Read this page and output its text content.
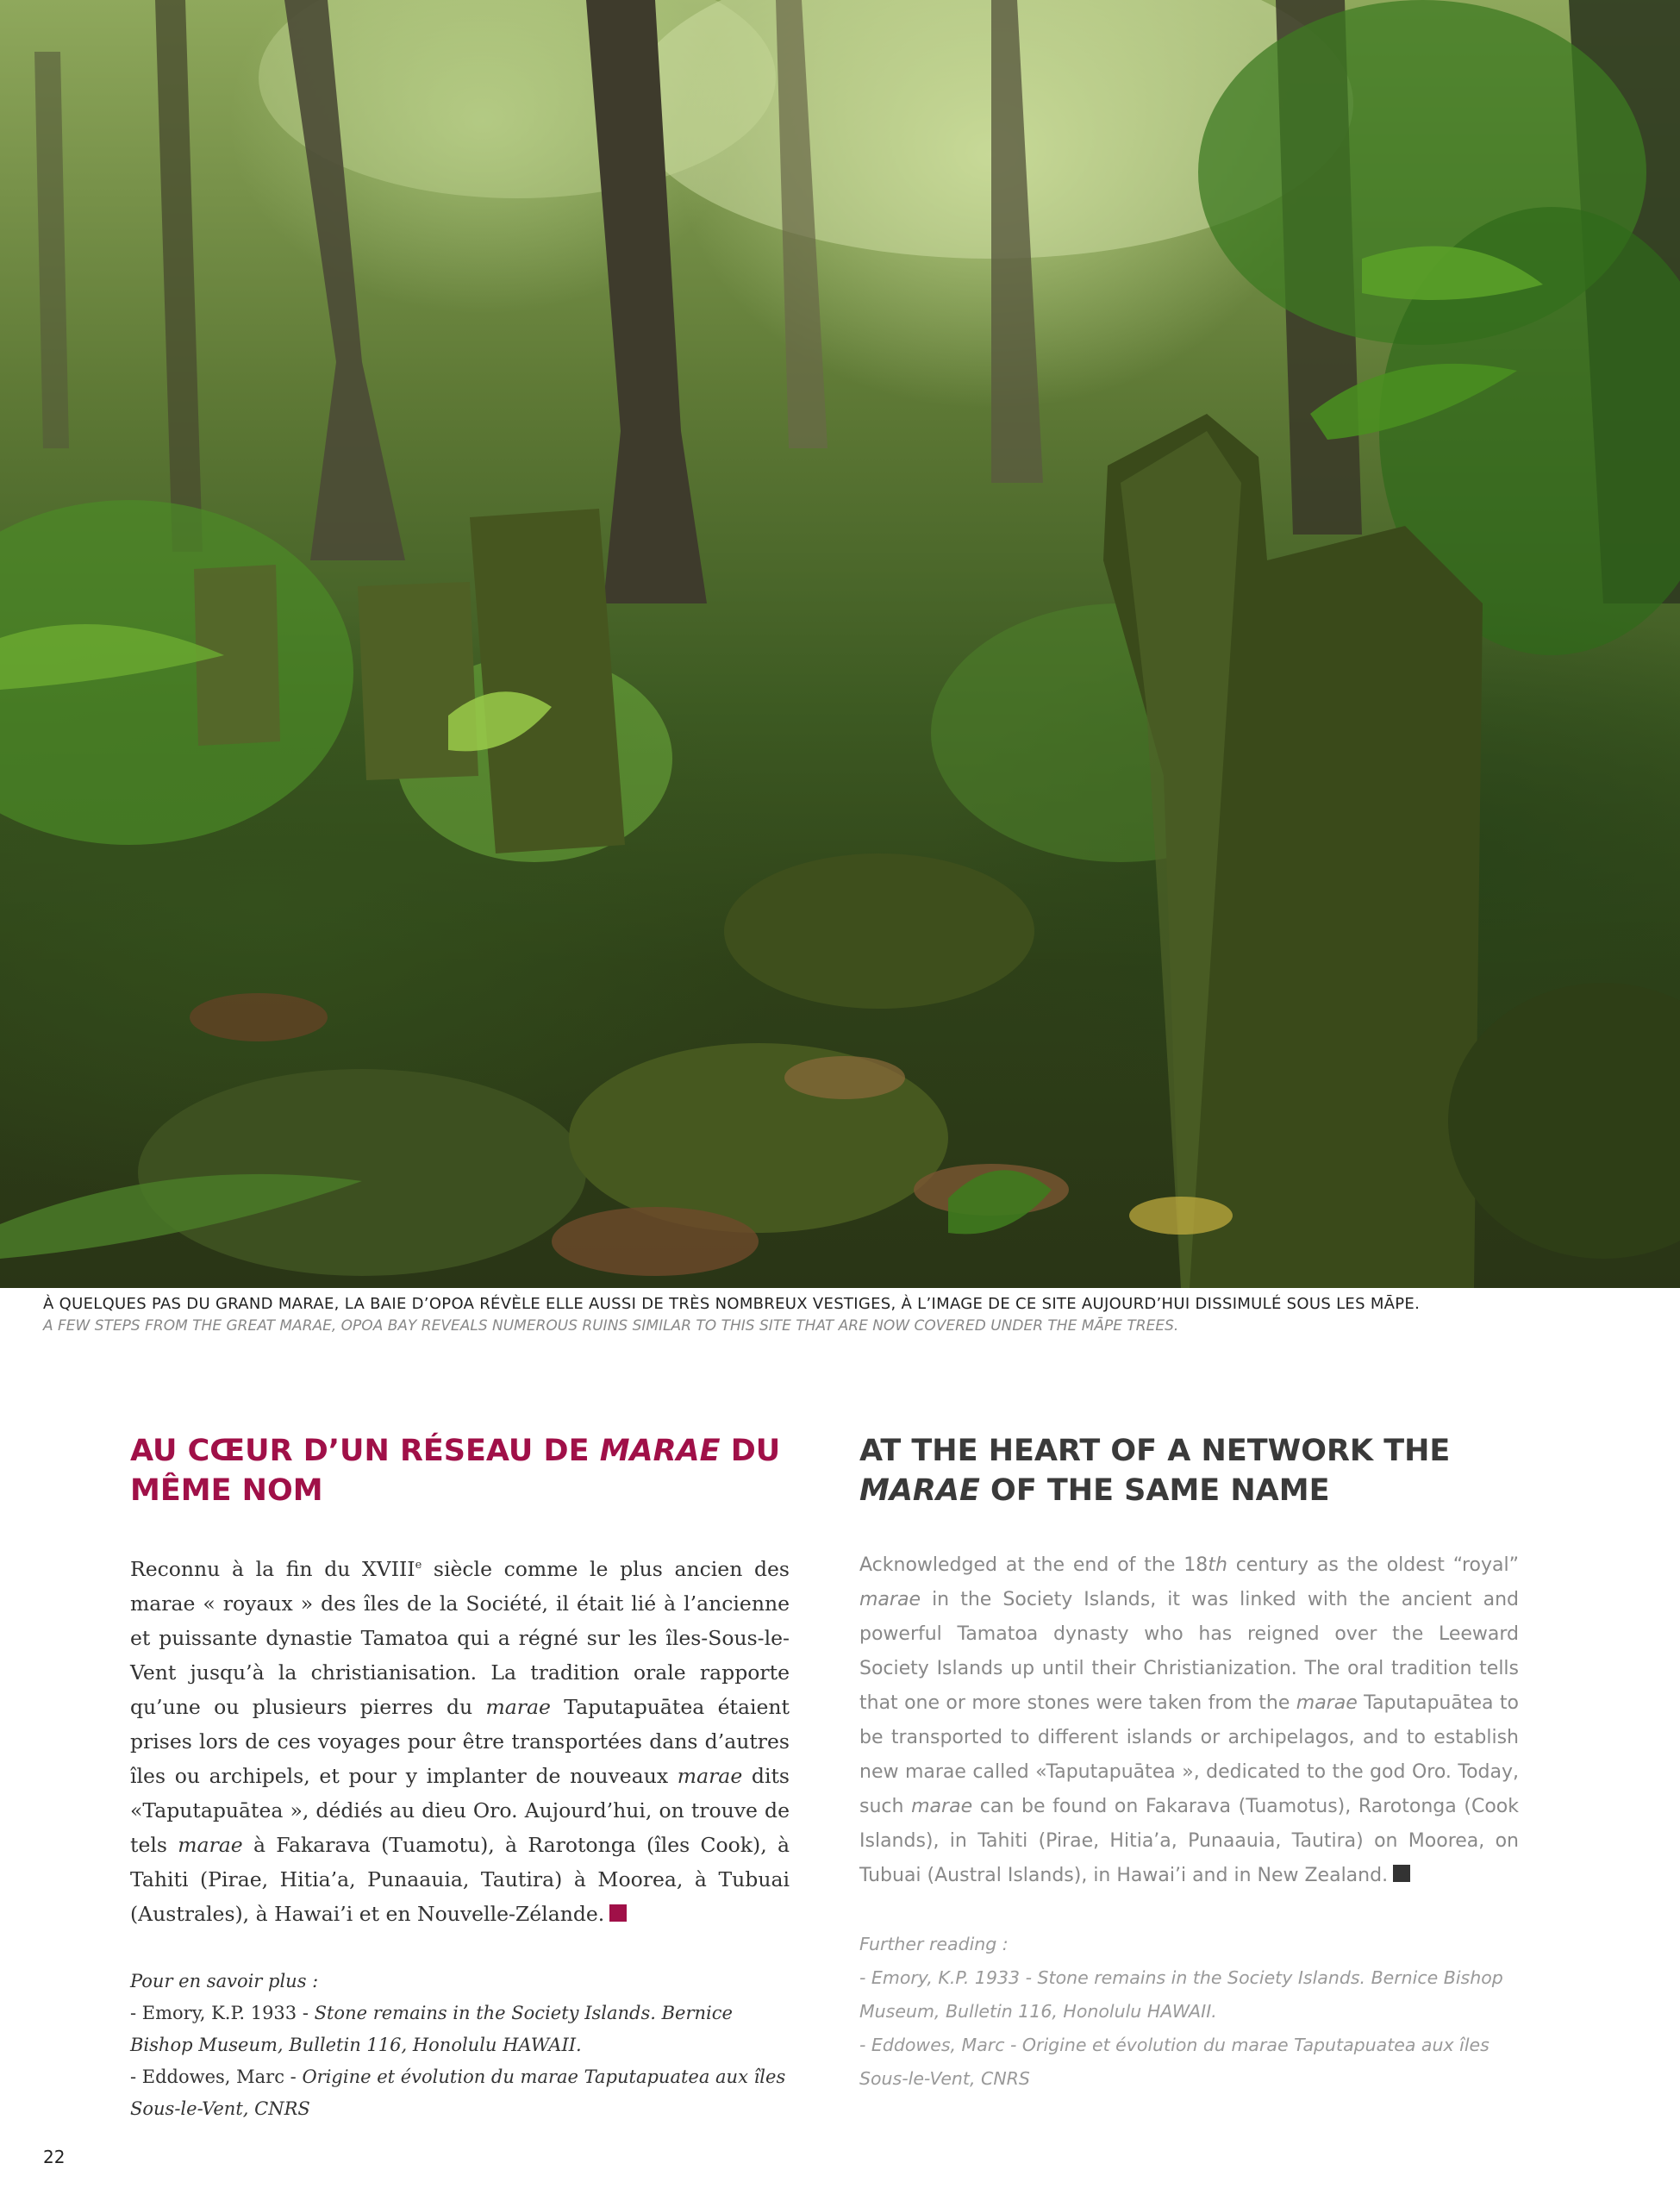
À QUELQUES PAS DU GRAND MARAE, LA BAIE D’OPOA RÉVÈLE ELLE AUSSI DE TRÈS NOMBREUX VESTIGES, À L’IMAGE DE CE SITE AUJOURD’HUI DISSIMULÉ SOUS LES MĀPE.
A FEW STEPS FROM THE GREAT MARAE, OPOA BAY REVEALS NUMEROUS RUINS SIMILAR TO THIS SITE THAT ARE NOW COVERED UNDER THE MĀPE TREES.
AU CŒUR D’UN RÉSEAU DE MARAE DU MÊME NOM

Reconnu à la fin du XVIIIe siècle comme le plus ancien des marae « royaux » des îles de la Société, il était lié à l’ancienne et puissante dynastie Tamatoa qui a régné sur les îles-Sous-le-Vent jusqu’à la christianisation. La tradition orale rapporte qu’une ou plusieurs pierres du marae Taputapuātea étaient prises lors de ces voyages pour être transportées dans d’autres îles ou archipels, et pour y implanter de nouveaux marae dits «Taputapuātea », dédiés au dieu Oro. Aujourd’hui, on trouve de tels marae à Fakarava (Tuamotu), à Rarotonga (îles Cook), à Tahiti (Pirae, Hitia’a, Punaauia, Tautira) à Moorea, à Tubuai (Australes), à Hawai’i et en Nouvelle-Zélande.

Pour en savoir plus :

- Emory, K.P. 1933 - Stone remains in the Society Islands. Bernice Bishop Museum, Bulletin 116, Honolulu HAWAII.

- Eddowes, Marc - Origine et évolution du marae Taputapuatea aux îles Sous-le-Vent, CNRS

AT THE HEART OF A NETWORK THE MARAE OF THE SAME NAME

Acknowledged at the end of the 18th century as the oldest “royal” marae in the Society Islands, it was linked with the ancient and powerful Tamatoa dynasty who has reigned over the Leeward Society Islands up until their Christianization. The oral tradition tells that one or more stones were taken from the marae Taputapuātea to be transported to different islands or archipelagos, and to establish new marae called «Taputapuātea », dedicated to the god Oro. Today, such marae can be found on Fakarava (Tuamotus), Rarotonga (Cook Islands), in Tahiti (Pirae, Hitia’a, Punaauia, Tautira) on Moorea, on Tubuai (Austral Islands), in Hawai’i and in New Zealand.

Further reading :

- Emory, K.P. 1933 - Stone remains in the Society Islands. Bernice Bishop Museum, Bulletin 116, Honolulu HAWAII.

- Eddowes, Marc - Origine et évolution du marae Taputapuatea aux îles Sous-le-Vent, CNRS

22
